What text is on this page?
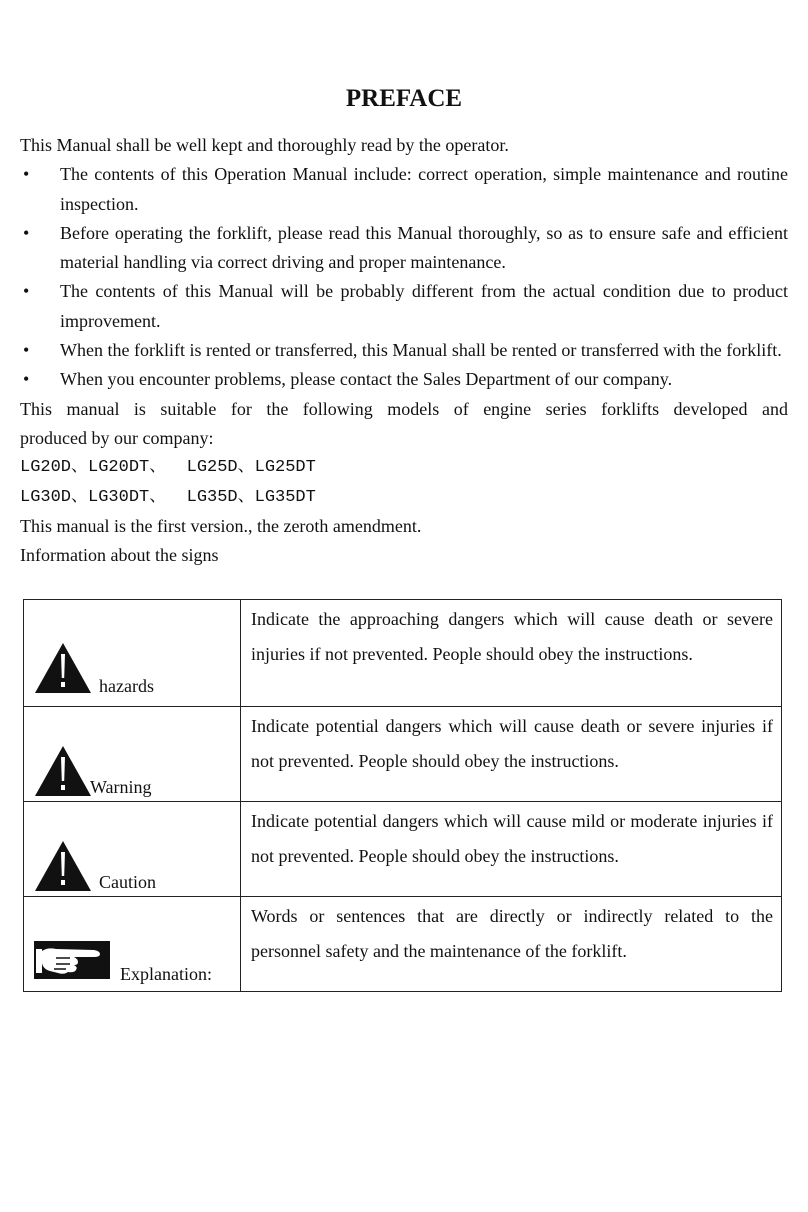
PREFACE

This Manual shall be well kept and thoroughly read by the operator.

• The contents of this Operation Manual include: correct operation, simple maintenance and routine inspection.
• Before operating the forklift, please read this Manual thoroughly, so as to ensure safe and efficient material handling via correct driving and proper maintenance.
• The contents of this Manual will be probably different from the actual condition due to product improvement.
• When the forklift is rented or transferred, this Manual shall be rented or transferred with the forklift.
• When you encounter problems, please contact the Sales Department of our company.

This manual is suitable for the following models of engine series forklifts developed and

produced by our company:

LG20D、LG20DT、  LG25D、LG25DT

LG30D、LG30DT、  LG35D、LG35DT

This manual is the first version., the zeroth amendment.

Information about the signs

hazards	Indicate the approaching dangers which will cause death or severe injuries if not prevented. People should obey the instructions.

Warning	Indicate potential dangers which will cause death or severe injuries if not prevented. People should obey the instructions.

Caution	Indicate potential dangers which will cause mild or moderate injuries if not prevented. People should obey the instructions.

Explanation:	Words or sentences that are directly or indirectly related to the personnel safety and the maintenance of the forklift.
